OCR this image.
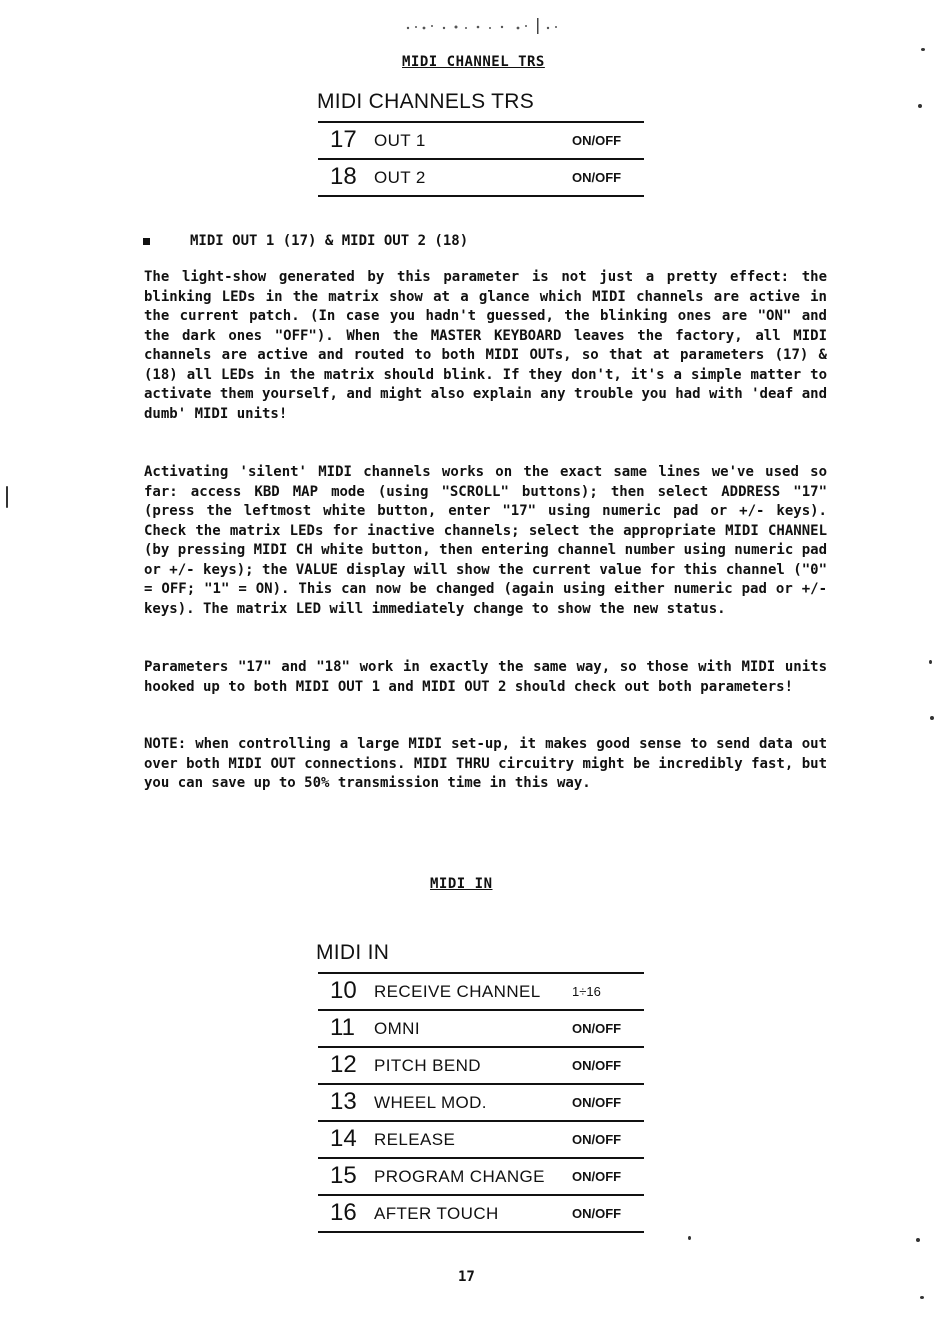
MIDI CHANNEL TRS
MIDI CHANNELS TRS
17 OUT 1	ON/OFF
18 OUT 2	ON/OFF
MIDI OUT 1 (17) & MIDI OUT 2 (18)

The light-show generated by this parameter is not just a pretty effect: the blinking LEDs in the matrix show at a glance which MIDI channels are active in the current patch. (In case you hadn't guessed, the blinking ones are "ON" and the dark ones "OFF"). When the MASTER KEYBOARD leaves the factory, all MIDI channels are active and routed to both MIDI OUTs, so that at parameters (17) & (18) all LEDs in the matrix should blink. If they don't, it's a simple matter to activate them yourself, and might also explain any trouble you had with 'deaf and dumb' MIDI units!

Activating 'silent' MIDI channels works on the exact same lines we've used so far: access KBD MAP mode (using "SCROLL" buttons); then select ADDRESS "17" (press the leftmost white button, enter "17" using numeric pad or +/- keys). Check the matrix LEDs for inactive channels; select the appropriate MIDI CHANNEL (by pressing MIDI CH white button, then entering channel number using numeric pad or +/- keys); the VALUE display will show the current value for this channel ("0" = OFF; "1" = ON). This can now be changed (again using either numeric pad or +/- keys). The matrix LED will immediately change to show the new status.

Parameters "17" and "18" work in exactly the same way, so those with MIDI units hooked up to both MIDI OUT 1 and MIDI OUT 2 should check out both parameters!

NOTE: when controlling a large MIDI set-up, it makes good sense to send data out over both MIDI OUT connections. MIDI THRU circuitry might be incredibly fast, but you can save up to 50% transmission time in this way.

MIDI IN
MIDI IN
10 RECEIVE CHANNEL 1÷16
11 OMNI	ON/OFF
12 PITCH BEND	ON/OFF
13 WHEEL MOD.	ON/OFF
14 RELEASE	ON/OFF
15 PROGRAM CHANGE ON/OFF
16 AFTER TOUCH	ON/OFF
17
